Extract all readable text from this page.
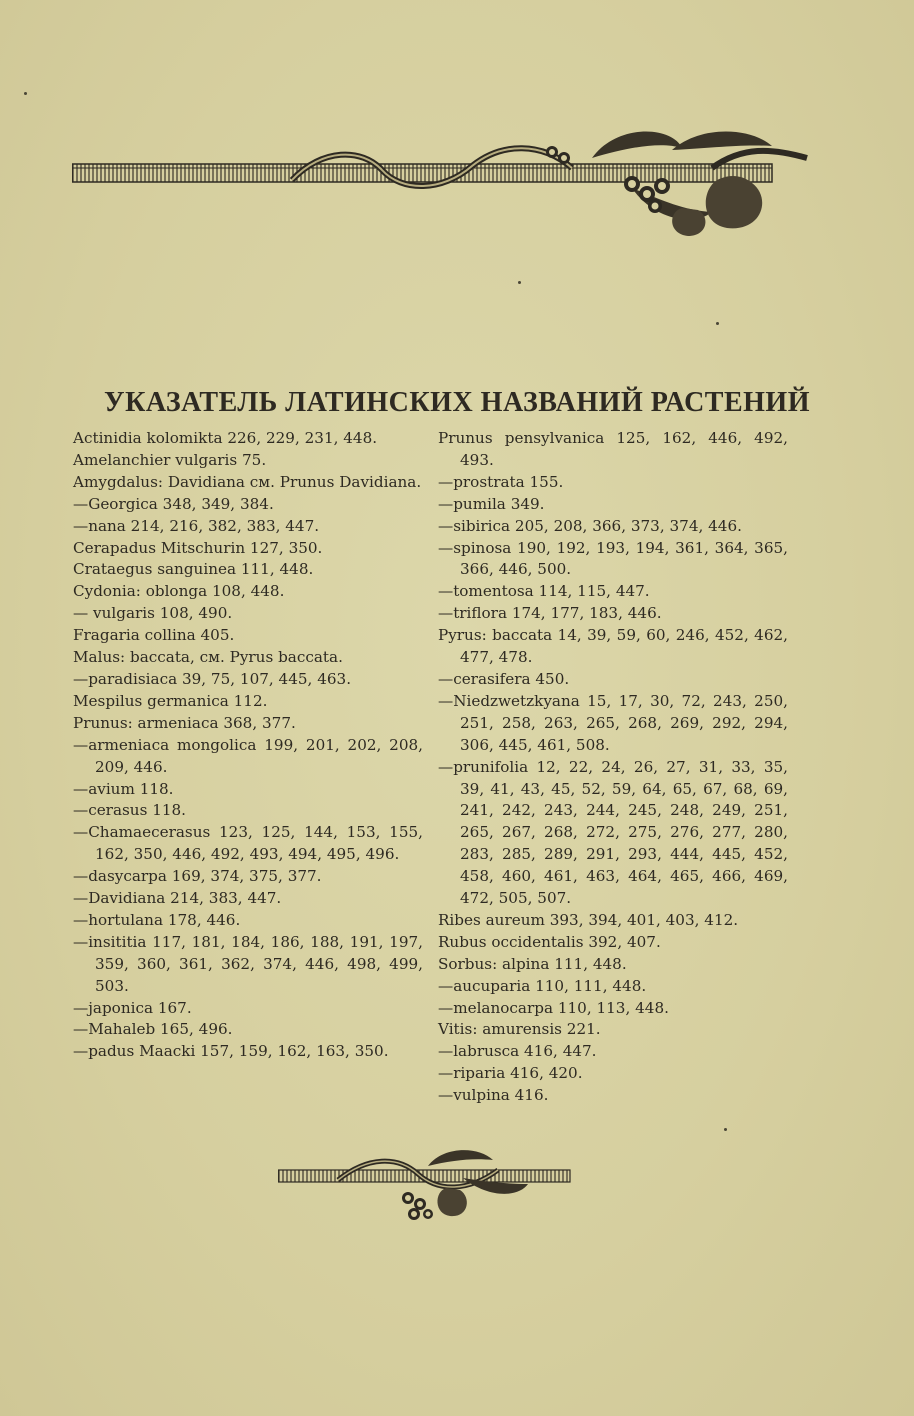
УКАЗАТЕЛЬ ЛАТИНСКИХ НАЗВАНИЙ РАСТЕНИЙ

Actinidia kolomikta 226, 229, 231, 448.

Amelanchier vulgaris 75.

Amygdalus: Davidiana см. Prunus Davidiana.

—Georgica 348, 349, 384.

—nana 214, 216, 382, 383, 447.

Cerapadus Mitschurin 127, 350.

Crataegus sanguinea 111, 448.

Cydonia: oblonga 108, 448.

— vulgaris 108, 490.

Fragaria collina 405.

Malus: baccata, см. Pyrus baccata.

—paradisiaca 39, 75, 107, 445, 463.

Mespilus germanica 112.

Prunus: armeniaca 368, 377.

—armeniaca mongolica 199, 201, 202, 208, 209, 446.

—avium 118.

—cerasus 118.

—Chamaecerasus 123, 125, 144, 153, 155, 162, 350, 446, 492, 493, 494, 495, 496.

—dasycarpa 169, 374, 375, 377.

—Davidiana 214, 383, 447.

—hortulana 178, 446.

—insititia 117, 181, 184, 186, 188, 191, 197, 359, 360, 361, 362, 374, 446, 498, 499, 503.

—japonica 167.

—Mahaleb 165, 496.

—padus Maacki 157, 159, 162, 163, 350.

Prunus pensylvanica 125, 162, 446, 492, 493.

—prostrata 155.

—pumila 349.

—sibirica 205, 208, 366, 373, 374, 446.

—spinosa 190, 192, 193, 194, 361, 364, 365, 366, 446, 500.

—tomentosa 114, 115, 447.

—triflora 174, 177, 183, 446.

Pyrus: baccata 14, 39, 59, 60, 246, 452, 462, 477, 478.

—cerasifera 450.

—Niedzwetzkyana 15, 17, 30, 72, 243, 250, 251, 258, 263, 265, 268, 269, 292, 294, 306, 445, 461, 508.

—prunifolia 12, 22, 24, 26, 27, 31, 33, 35, 39, 41, 43, 45, 52, 59, 64, 65, 67, 68, 69, 241, 242, 243, 244, 245, 248, 249, 251, 265, 267, 268, 272, 275, 276, 277, 280, 283, 285, 289, 291, 293, 444, 445, 452, 458, 460, 461, 463, 464, 465, 466, 469, 472, 505, 507.

Ribes aureum 393, 394, 401, 403, 412.

Rubus occidentalis 392, 407.

Sorbus: alpina 111, 448.

—aucuparia 110, 111, 448.

—melanocarpa 110, 113, 448.

Vitis: amurensis 221.

—labrusca 416, 447.

—riparia 416, 420.

—vulpina 416.
